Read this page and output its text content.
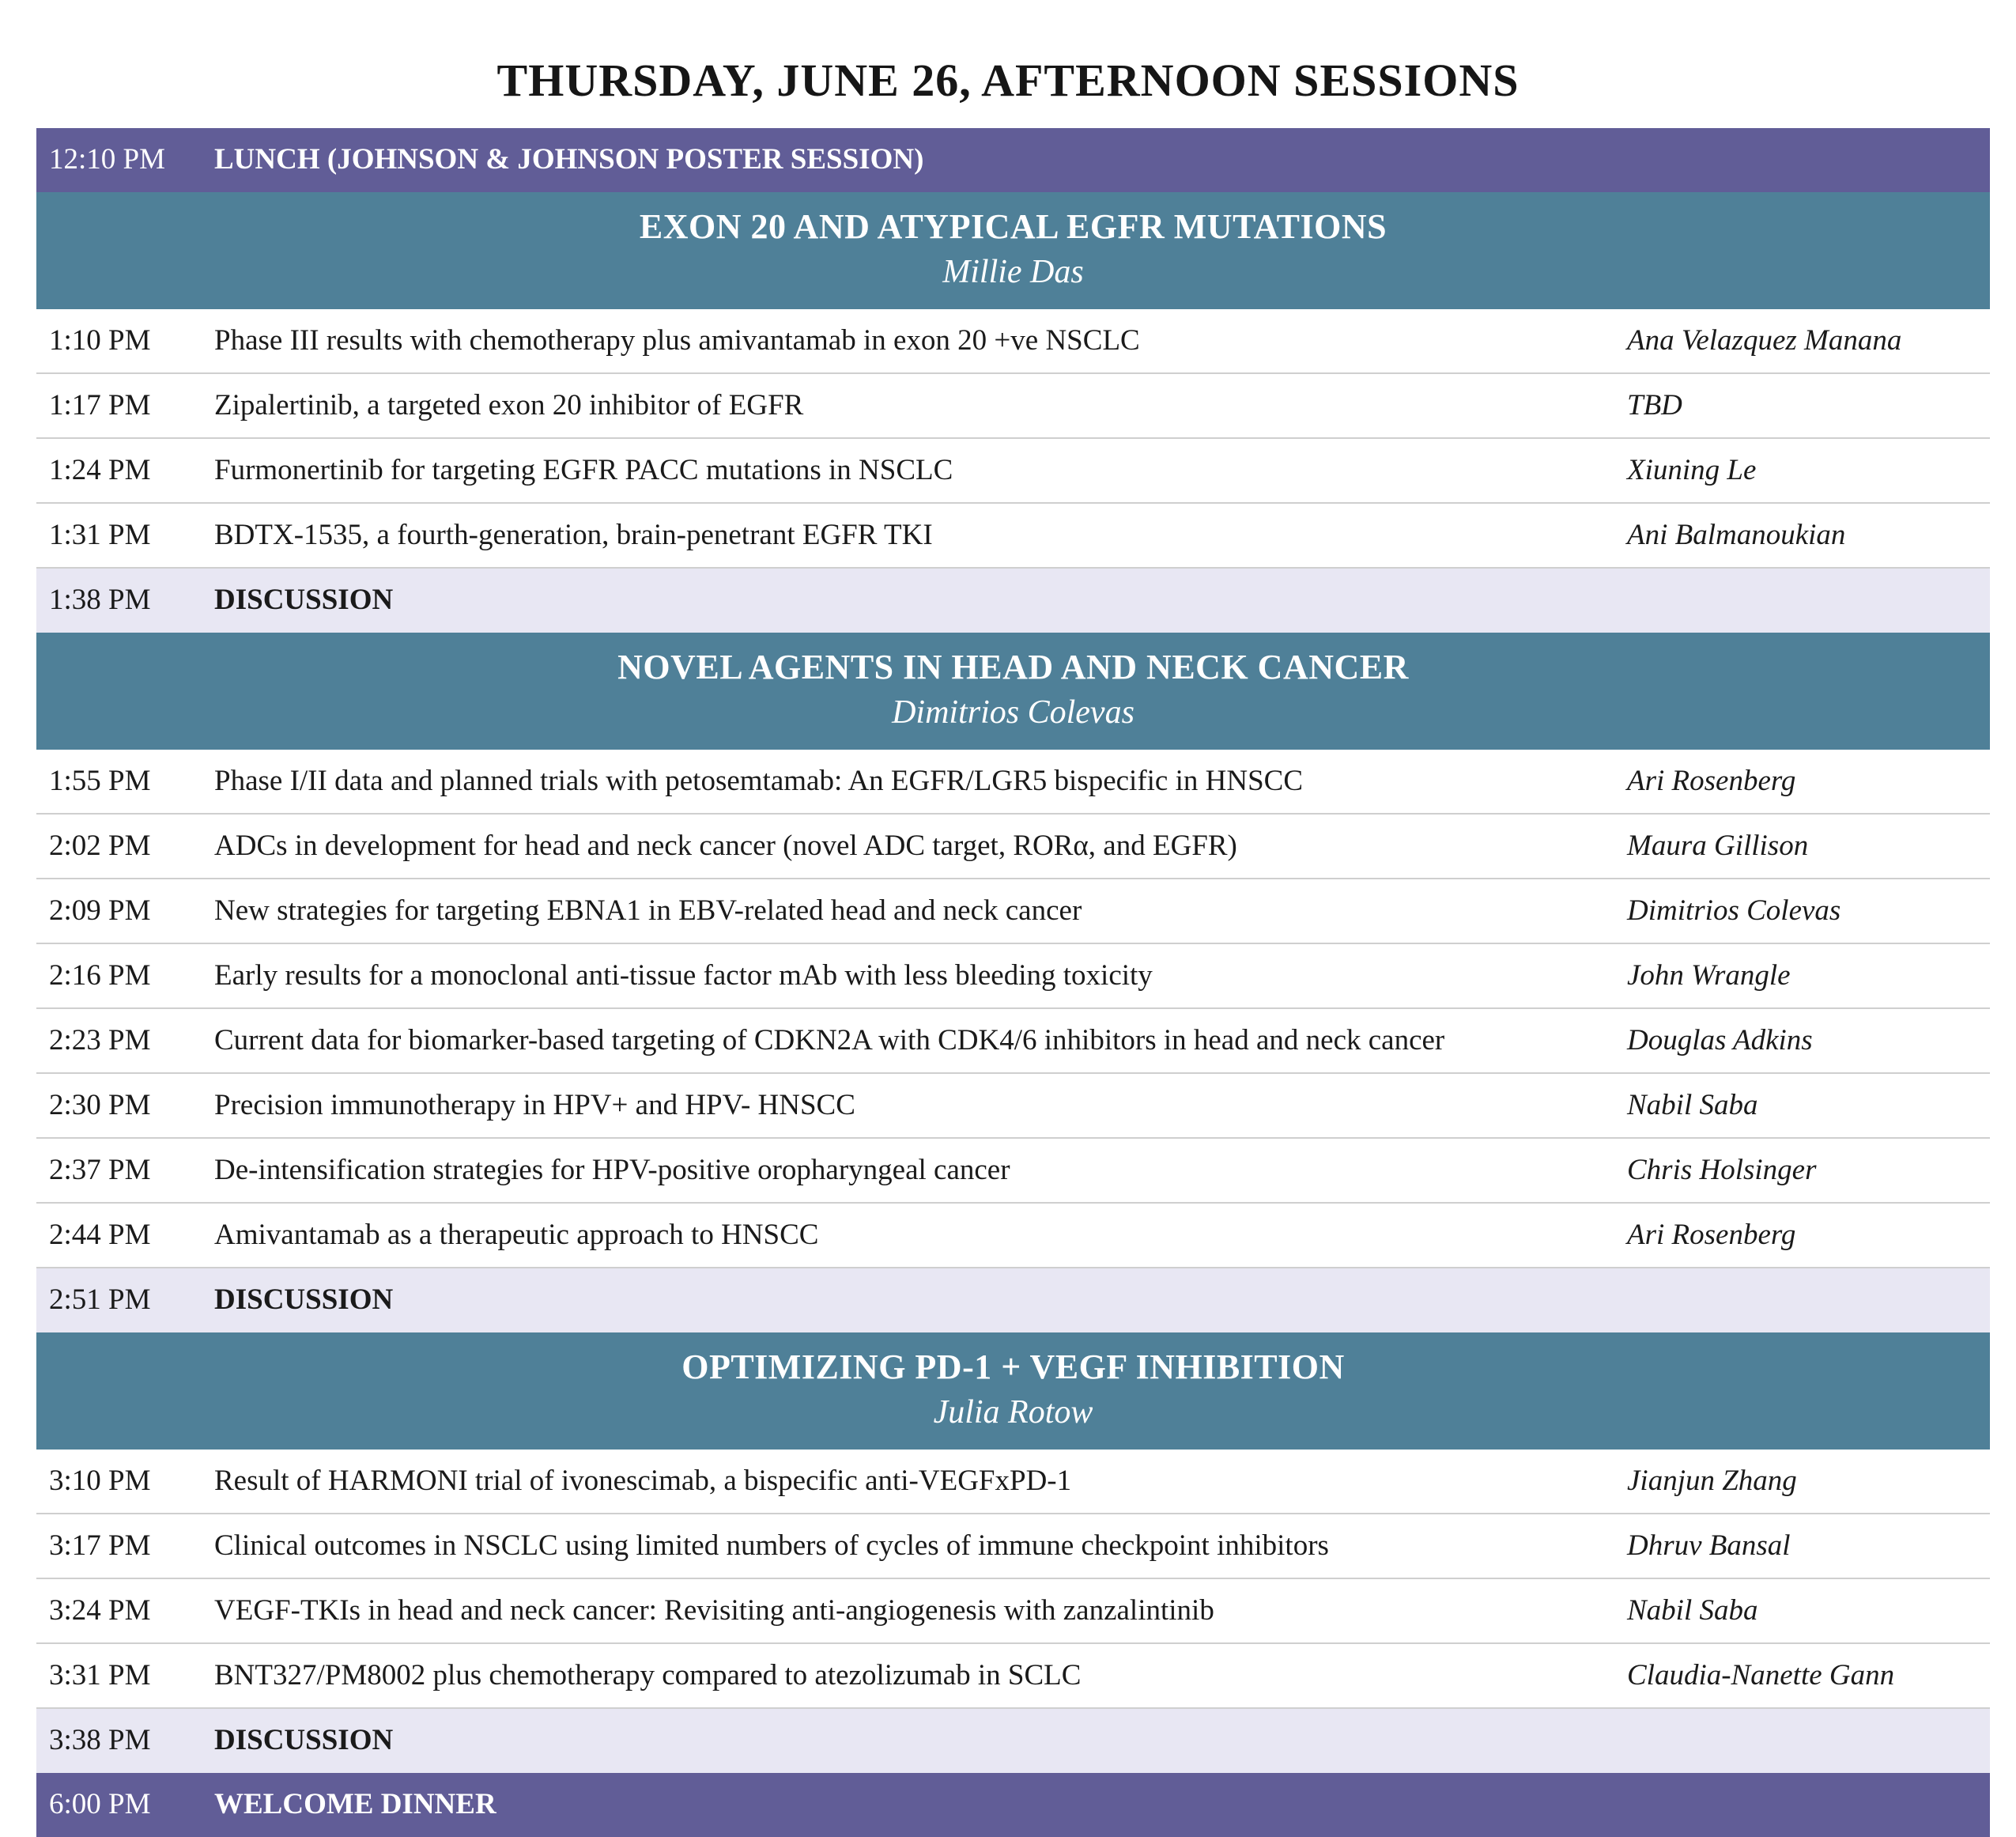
THURSDAY, JUNE 26, AFTERNOON SESSIONS
12:10 PM LUNCH (JOHNSON & JOHNSON POSTER SESSION)
EXON 20 AND ATYPICAL EGFR MUTATIONS
Millie Das
1:10 PM Phase III results with chemotherapy plus amivantamab in exon 20 +ve NSCLC	Ana Velazquez Manana
1:17 PM Zipalertinib, a targeted exon 20 inhibitor of EGFR	TBD
1:24 PM Furmonertinib for targeting EGFR PACC mutations in NSCLC	Xiuning Le
1:31 PM BDTX-1535, a fourth-generation, brain-penetrant EGFR TKI	Ani Balmanoukian
1:38 PM DISCUSSION
NOVEL AGENTS IN HEAD AND NECK CANCER
Dimitrios Colevas
1:55 PM Phase I/II data and planned trials with petosemtamab: An EGFR/LGR5 bispecific in HNSCC	Ari Rosenberg
2:02 PM ADCs in development for head and neck cancer (novel ADC target, RORα, and EGFR)	Maura Gillison
2:09 PM New strategies for targeting EBNA1 in EBV-related head and neck cancer	Dimitrios Colevas
2:16 PM Early results for a monoclonal anti-tissue factor mAb with less bleeding toxicity	John Wrangle
2:23 PM Current data for biomarker-based targeting of CDKN2A with CDK4/6 inhibitors in head and neck cancer	Douglas Adkins
2:30 PM Precision immunotherapy in HPV+ and HPV- HNSCC	Nabil Saba
2:37 PM De-intensification strategies for HPV-positive oropharyngeal cancer	Chris Holsinger
2:44 PM Amivantamab as a therapeutic approach to HNSCC	Ari Rosenberg
2:51 PM DISCUSSION
OPTIMIZING PD-1 + VEGF INHIBITION
Julia Rotow
3:10 PM Result of HARMONI trial of ivonescimab, a bispecific anti-VEGFxPD-1	Jianjun Zhang
3:17 PM Clinical outcomes in NSCLC using limited numbers of cycles of immune checkpoint inhibitors	Dhruv Bansal
3:24 PM VEGF-TKIs in head and neck cancer: Revisiting anti-angiogenesis with zanzalintinib	Nabil Saba
3:31 PM BNT327/PM8002 plus chemotherapy compared to atezolizumab in SCLC	Claudia-Nanette Gann
3:38 PM DISCUSSION
6:00 PM WELCOME DINNER
